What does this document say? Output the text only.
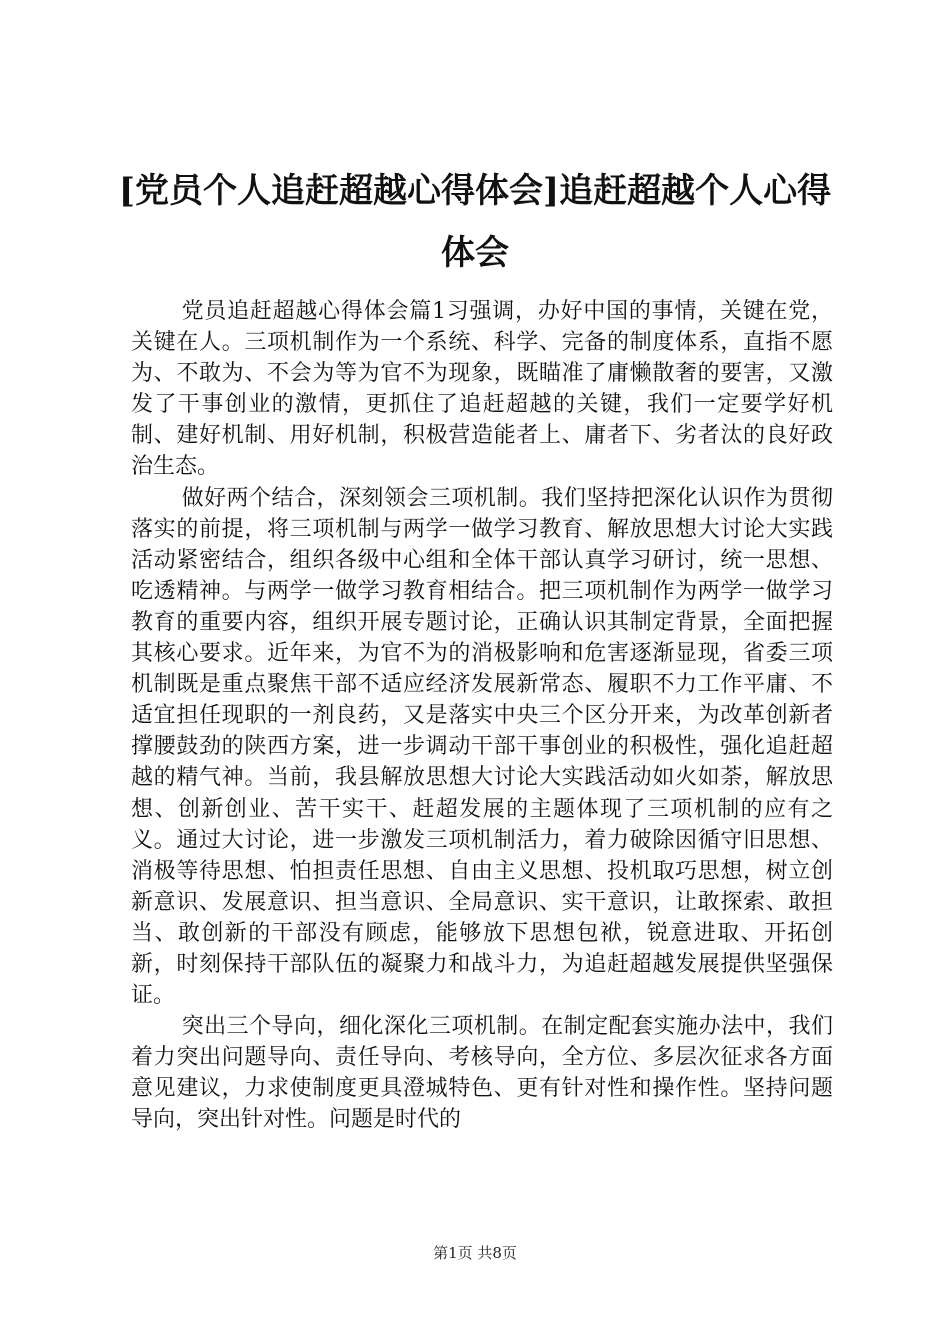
[党员个人追赶超越心得体会]追赶超越个人心得体会

党员追赶超越心得体会篇1习强调，办好中国的事情，关键在党，关键在人。三项机制作为一个系统、科学、完备的制度体系，直指不愿为、不敢为、不会为等为官不为现象，既瞄准了庸懒散奢的要害，又激发了干事创业的激情，更抓住了追赶超越的关键，我们一定要学好机制、建好机制、用好机制，积极营造能者上、庸者下、劣者汰的良好政治生态。

做好两个结合，深刻领会三项机制。我们坚持把深化认识作为贯彻落实的前提，将三项机制与两学一做学习教育、解放思想大讨论大实践活动紧密结合，组织各级中心组和全体干部认真学习研讨，统一思想、吃透精神。与两学一做学习教育相结合。把三项机制作为两学一做学习教育的重要内容，组织开展专题讨论，正确认识其制定背景，全面把握其核心要求。近年来，为官不为的消极影响和危害逐渐显现，省委三项机制既是重点聚焦干部不适应经济发展新常态、履职不力工作平庸、不适宜担任现职的一剂良药，又是落实中央三个区分开来，为改革创新者撑腰鼓劲的陕西方案，进一步调动干部干事创业的积极性，强化追赶超越的精气神。当前，我县解放思想大讨论大实践活动如火如荼，解放思想、创新创业、苦干实干、赶超发展的主题体现了三项机制的应有之义。通过大讨论，进一步激发三项机制活力，着力破除因循守旧思想、消极等待思想、怕担责任思想、自由主义思想、投机取巧思想，树立创新意识、发展意识、担当意识、全局意识、实干意识，让敢探索、敢担当、敢创新的干部没有顾虑，能够放下思想包袱，锐意进取、开拓创新，时刻保持干部队伍的凝聚力和战斗力，为追赶超越发展提供坚强保证。

突出三个导向，细化深化三项机制。在制定配套实施办法中，我们着力突出问题导向、责任导向、考核导向，全方位、多层次征求各方面意见建议，力求使制度更具澄城特色、更有针对性和操作性。坚持问题导向，突出针对性。问题是时代的

第1页 共8页
